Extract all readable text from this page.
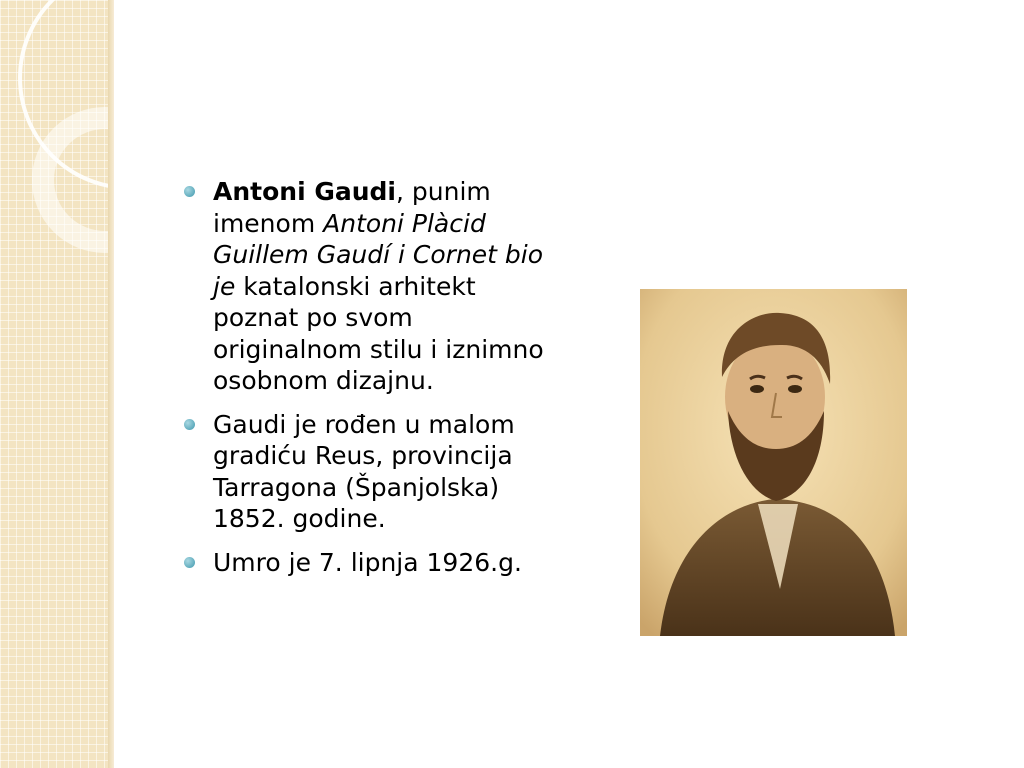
Antoni Gaudi, punim imenom Antoni Plàcid Guillem Gaudí i Cornet bio je katalonski arhitekt poznat po svom originalnom stilu i iznimno osobnom dizajnu.
Gaudi je rođen u malom gradiću Reus, provincija Tarragona (Španjolska) 1852. godine.
Umro je 7. lipnja 1926.g.
